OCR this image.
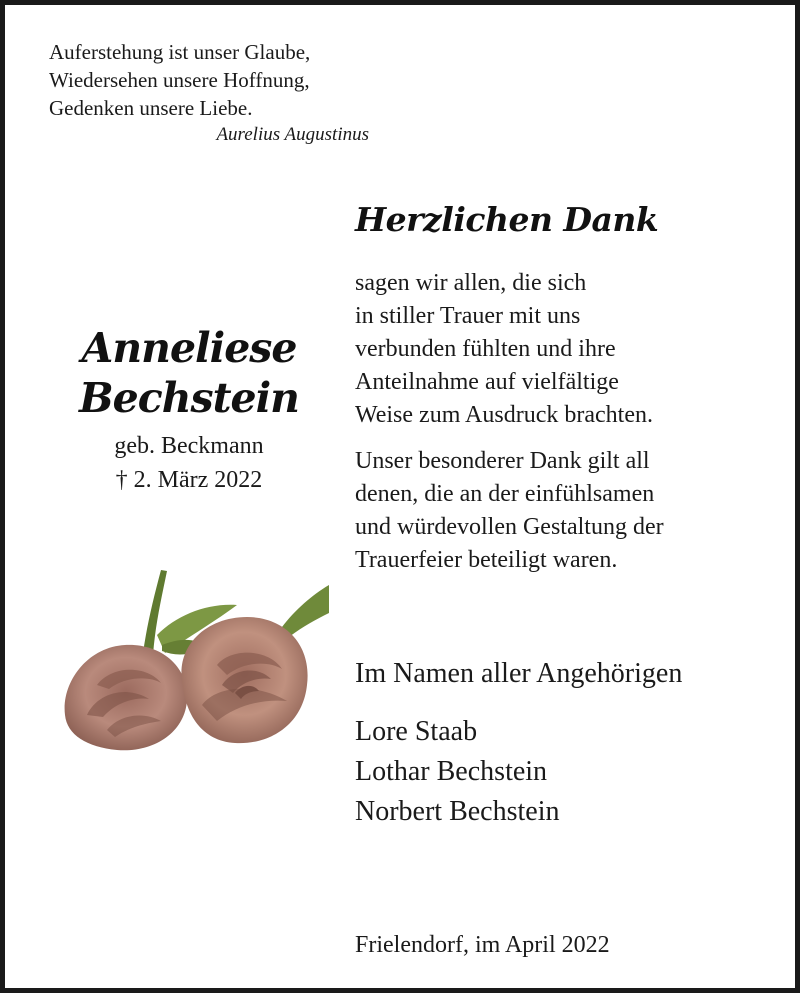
Auferstehung ist unser Glaube,
Wiedersehen unsere Hoffnung,
Gedenken unsere Liebe.
Aurelius Augustinus
Herzlichen Dank
Anneliese
Bechstein
geb. Beckmann
† 2. März 2022
sagen wir allen, die sich
in stiller Trauer mit uns
verbunden fühlten und ihre
Anteilnahme auf vielfältige
Weise zum Ausdruck brachten.
Unser besonderer Dank gilt all
denen, die an der einfühlsamen
und würdevollen Gestaltung der
Trauerfeier beteiligt waren.
Im Namen aller Angehörigen
Lore Staab
Lothar Bechstein
Norbert Bechstein
Frielendorf, im April 2022
